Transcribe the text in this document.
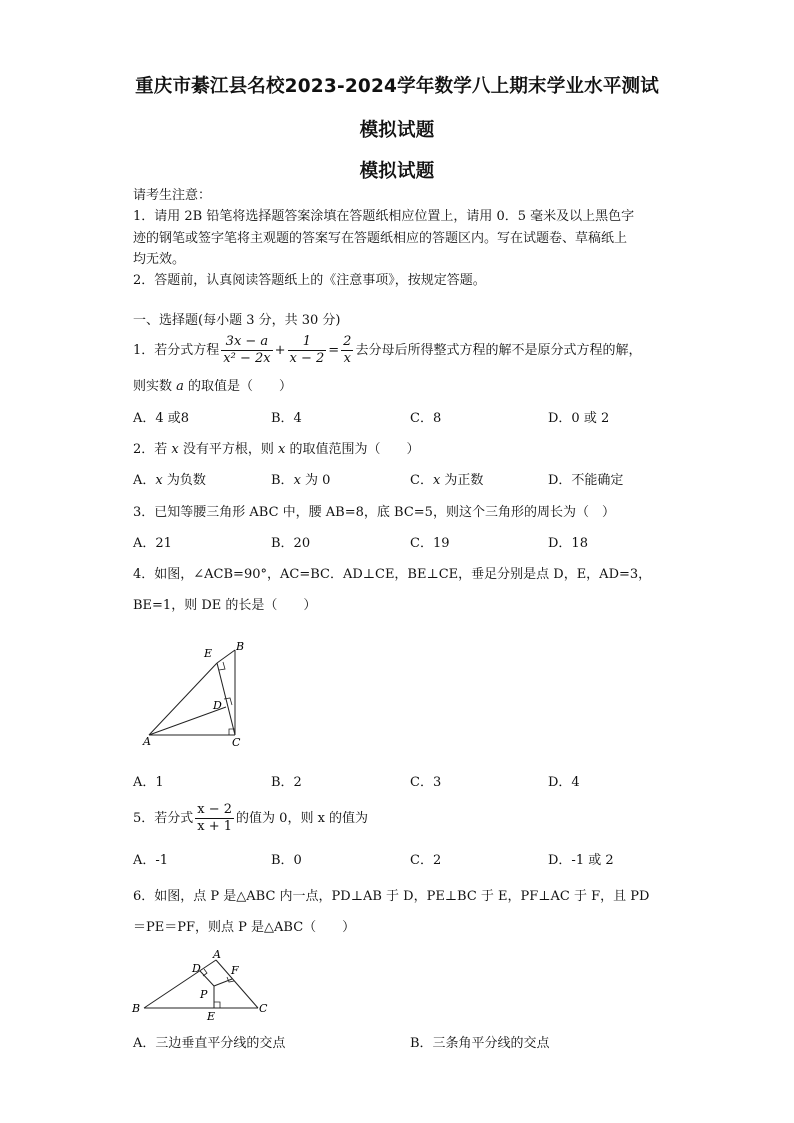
重庆市綦江县名校2023-2024学年数学八上期末学业水平测试
模拟试题
模拟试题
请考生注意：
1．请用 2B 铅笔将选择题答案涂填在答题纸相应位置上，请用 0．5 毫米及以上黑色字
迹的钢笔或签字笔将主观题的答案写在答题纸相应的答题区内。写在试题卷、草稿纸上
均无效。
2．答题前，认真阅读答题纸上的《注意事项》，按规定答题。
一、选择题(每小题 3 分，共 30 分)
1．若分式方程 $\frac{3x - a}{\text{x² − 2x}} + \frac{1}{x - 2} = \frac{2}{x}$ 去分母后所得整式方程的解不是原分式方程的解，
则实数 a 的取值是（　　）
A．4 或8	B．4	C．8	D．0 或 2
2．若 x 没有平方根，则 x 的取值范围为（　　）
A．x 为负数	B．x 为 0	C．x 为正数	D．不能确定
3．已知等腰三角形 ABC 中，腰 AB=8，底 BC=5，则这个三角形的周长为（　）
A．21	B．20	C．19	D．18
4．如图，∠ACB=90°，AC=BC．AD⊥CE，BE⊥CE，垂足分别是点 D，E，AD=3，
BE=1，则 DE 的长是（　　）
A
B
C
D
E
A．1	B．2	C．3	D．4
5．若分式 $\frac{x - 2}{x + 1}$ 的值为 0，则 x 的值为
A．-1	B．0	C．2	D．-1 或 2
6．如图，点 P 是△ABC 内一点，PD⊥AB 于 D，PE⊥BC 于 E，PF⊥AC 于 F，且 PD
＝PE＝PF，则点 P 是△ABC（　　）
A
B	C
D
E
F
P
A．三边垂直平分线的交点	B．三条角平分线的交点
